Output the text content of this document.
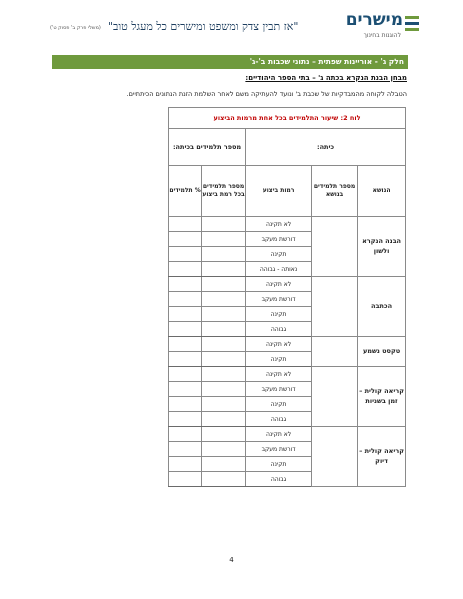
מישרים
להוגנות בחינוך
"אז תבין צדק ומשפט ומישרים כל מעגל טוב"
(משלי פרק ב' פסוק ט')
חלק ג' - אוריינות שפתית – נתוני שכבות ב'-ג'
מבחן הבנת הנקרא בכתה ג' – בתי הספר היהודיים:
הטבלה לקוחה מהמבדקיות של שכבת ב' ונועד להעתיקה משם לאחר השלמת הזנת הנתונים הכיתתיים.
לוח 2: שיעור התלמידים בכל אחת מרמות הביצוע				
כיתה:			מספר תלמידים בכיתה:	
הנושא	מספר תלמידים בנושא	רמות ביצוע	מספר תלמידים בכל רמת ביצוע	% תלמידים
הבנה הנקרא ולשון		לא תקינה		
		דורשת מעקב		
		תקינה		
		נאותה - גבוהה		
הכתבה		לא תקינה		
		דורשת מעקב		
		תקינה		
		גבוהה		
טקסט נשמע		לא תקינה		
		תקינה		
קריאה קולית – זמן בשניות		לא תקינה		
		דורשת מעקב		
		תקינה		
		גבוהה		
קריאה קולית – דיוק		לא תקינה		
		דורשת מעקב		
		תקינה		
		גבוהה		
4
